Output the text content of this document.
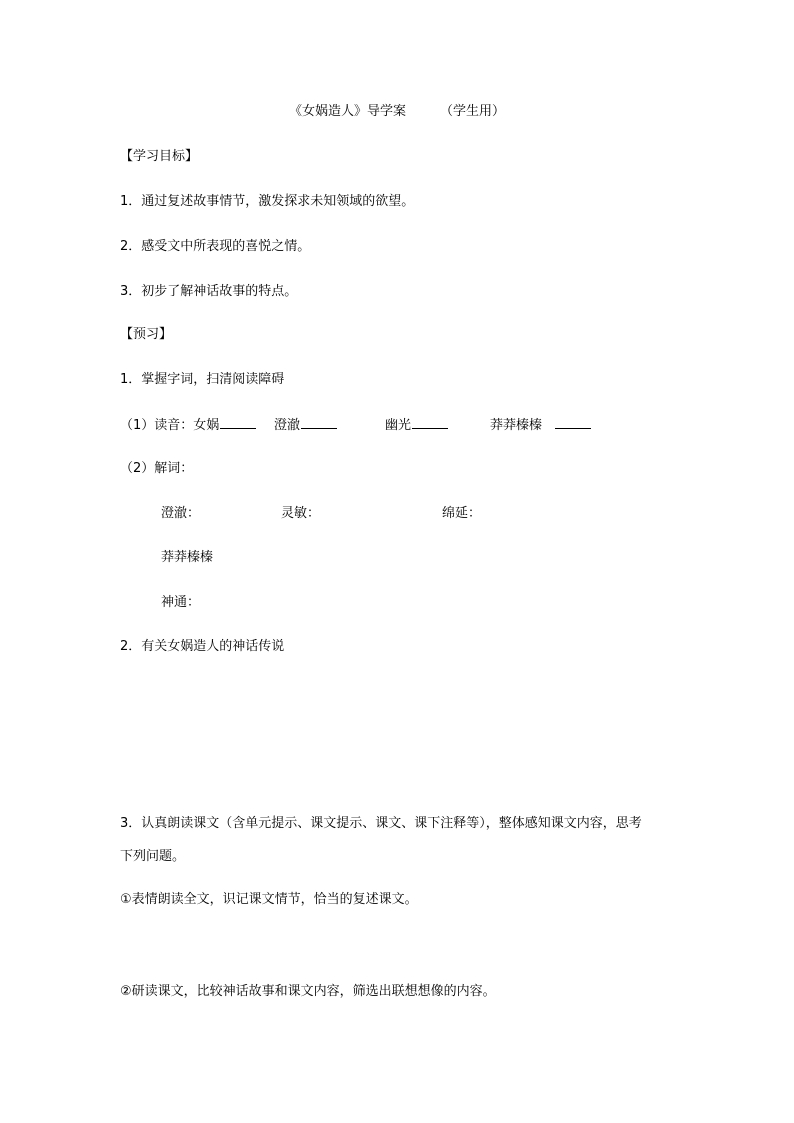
《女娲造人》导学案	（学生用）
【学习目标】
1．通过复述故事情节，激发探求未知领域的欲望。
2．感受文中所表现的喜悦之情。
3．初步了解神话故事的特点。
【预习】
1．掌握字词，扫清阅读障碍
（1）读音：女娲	澄澈	幽光	莽莽榛榛
（2）解词：
澄澈：	灵敏：	绵延：
莽莽榛榛
神通：
2．有关女娲造人的神话传说
3．认真朗读课文（含单元提示、课文提示、课文、课下注释等），整体感知课文内容，思考
下列问题。
①表情朗读全文，识记课文情节，恰当的复述课文。
②研读课文，比较神话故事和课文内容，筛选出联想想像的内容。
